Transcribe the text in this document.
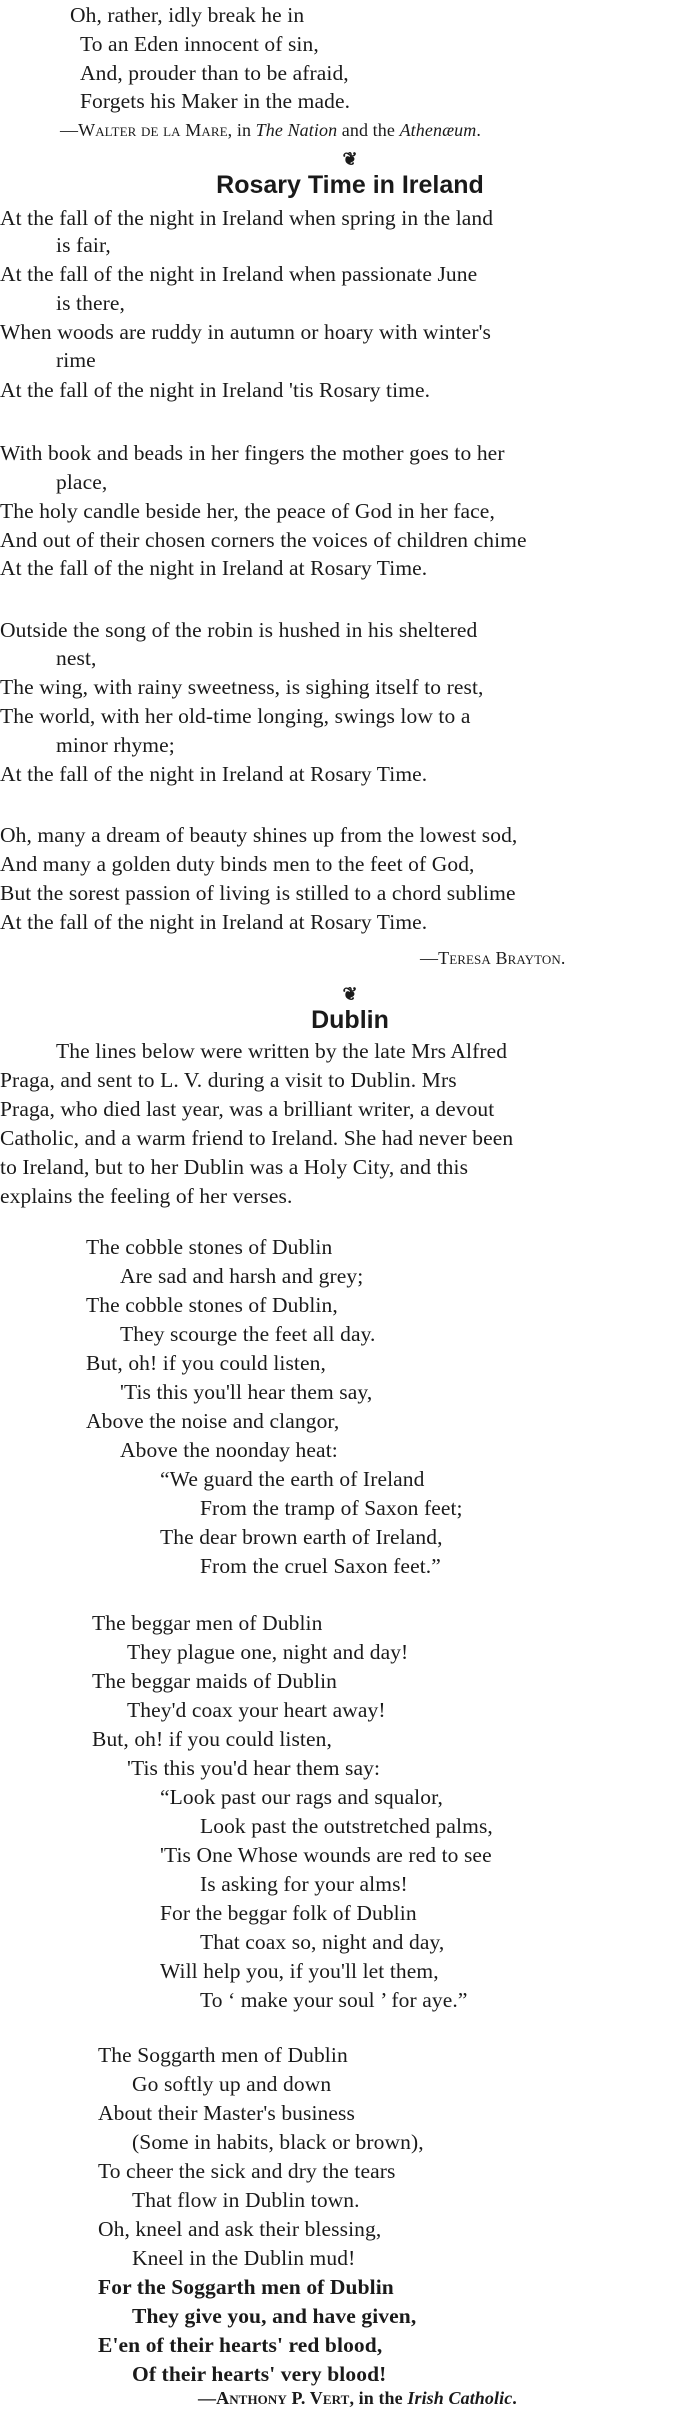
Oh, rather, idly break he in
To an Eden innocent of sin,
And, prouder than to be afraid,
Forgets his Maker in the made.
—Walter de la Mare, in The Nation and the Athenæum.
❦
Rosary Time in Ireland
At the fall of the night in Ireland when spring in the land
is fair,
At the fall of the night in Ireland when passionate June
is there,
When woods are ruddy in autumn or hoary with winter's
rime
At the fall of the night in Ireland 'tis Rosary time.
With book and beads in her fingers the mother goes to her
place,
The holy candle beside her, the peace of God in her face,
And out of their chosen corners the voices of children chime
At the fall of the night in Ireland at Rosary Time.
Outside the song of the robin is hushed in his sheltered
nest,
The wing, with rainy sweetness, is sighing itself to rest,
The world, with her old-time longing, swings low to a
minor rhyme;
At the fall of the night in Ireland at Rosary Time.
Oh, many a dream of beauty shines up from the lowest sod,
And many a golden duty binds men to the feet of God,
But the sorest passion of living is stilled to a chord sublime
At the fall of the night in Ireland at Rosary Time.
—Teresa Brayton.
❦
Dublin
The lines below were written by the late Mrs Alfred
Praga, and sent to L. V. during a visit to Dublin. Mrs
Praga, who died last year, was a brilliant writer, a devout
Catholic, and a warm friend to Ireland. She had never been
to Ireland, but to her Dublin was a Holy City, and this
explains the feeling of her verses.
The cobble stones of Dublin
Are sad and harsh and grey;
The cobble stones of Dublin,
They scourge the feet all day.
But, oh! if you could listen,
'Tis this you'll hear them say,
Above the noise and clangor,
Above the noonday heat:
“We guard the earth of Ireland
From the tramp of Saxon feet;
The dear brown earth of Ireland,
From the cruel Saxon feet.”
The beggar men of Dublin
They plague one, night and day!
The beggar maids of Dublin
They'd coax your heart away!
But, oh! if you could listen,
'Tis this you'd hear them say:
“Look past our rags and squalor,
Look past the outstretched palms,
'Tis One Whose wounds are red to see
Is asking for your alms!
For the beggar folk of Dublin
That coax so, night and day,
Will help you, if you'll let them,
To ‘ make your soul ’ for aye.”
The Soggarth men of Dublin
Go softly up and down
About their Master's business
(Some in habits, black or brown),
To cheer the sick and dry the tears
That flow in Dublin town.
Oh, kneel and ask their blessing,
Kneel in the Dublin mud!
For the Soggarth men of Dublin
They give you, and have given,
E'en of their hearts' red blood,
Of their hearts' very blood!
—Anthony P. Vert, in the Irish Catholic.
